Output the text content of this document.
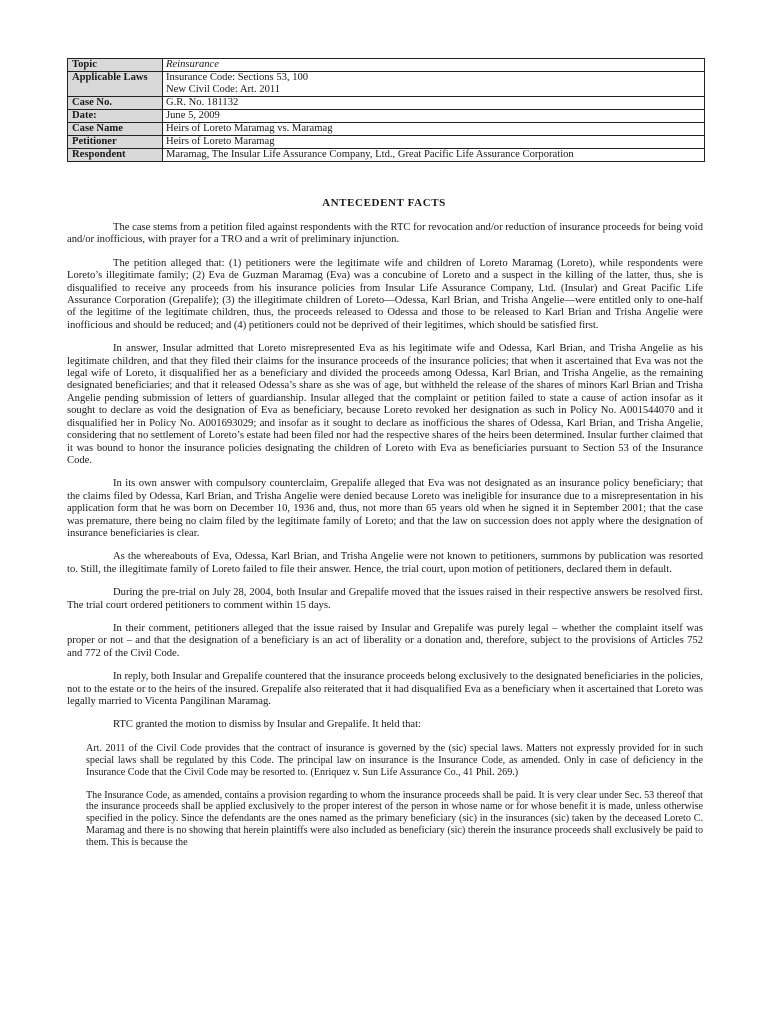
Topic	Reinsurance
Applicable Laws	Insurance Code: Sections 53, 100
New Civil Code: Art. 2011

Case No.	G.R. No. 181132
Date:	June 5, 2009
Case Name	Heirs of Loreto Maramag vs. Maramag
Petitioner	Heirs of Loreto Maramag
Respondent	Maramag, The Insular Life Assurance Company, Ltd., Great Pacific Life Assurance Corporation
ANTECEDENT FACTS

The case stems from a petition filed against respondents with the RTC for revocation and/or reduction of insurance proceeds for being void and/or inofficious, with prayer for a TRO and a writ of preliminary injunction.

The petition alleged that: (1) petitioners were the legitimate wife and children of Loreto Maramag (Loreto), while respondents were Loreto’s illegitimate family; (2) Eva de Guzman Maramag (Eva) was a concubine of Loreto and a suspect in the killing of the latter, thus, she is disqualified to receive any proceeds from his insurance policies from Insular Life Assurance Company, Ltd. (Insular) and Great Pacific Life Assurance Corporation (Grepalife); (3) the illegitimate children of Loreto—Odessa, Karl Brian, and Trisha Angelie—were entitled only to one-half of the legitime of the legitimate children, thus, the proceeds released to Odessa and those to be released to Karl Brian and Trisha Angelie were inofficious and should be reduced; and (4) petitioners could not be deprived of their legitimes, which should be satisfied first.

In answer, Insular admitted that Loreto misrepresented Eva as his legitimate wife and Odessa, Karl Brian, and Trisha Angelie as his legitimate children, and that they filed their claims for the insurance proceeds of the insurance policies; that when it ascertained that Eva was not the legal wife of Loreto, it disqualified her as a beneficiary and divided the proceeds among Odessa, Karl Brian, and Trisha Angelie, as the remaining designated beneficiaries; and that it released Odessa’s share as she was of age, but withheld the release of the shares of minors Karl Brian and Trisha Angelie pending submission of letters of guardianship. Insular alleged that the complaint or petition failed to state a cause of action insofar as it sought to declare as void the designation of Eva as beneficiary, because Loreto revoked her designation as such in Policy No. A001544070 and it disqualified her in Policy No. A001693029; and insofar as it sought to declare as inofficious the shares of Odessa, Karl Brian, and Trisha Angelie, considering that no settlement of Loreto’s estate had been filed nor had the respective shares of the heirs been determined. Insular further claimed that it was bound to honor the insurance policies designating the children of Loreto with Eva as beneficiaries pursuant to Section 53 of the Insurance Code.

In its own answer with compulsory counterclaim, Grepalife alleged that Eva was not designated as an insurance policy beneficiary; that the claims filed by Odessa, Karl Brian, and Trisha Angelie were denied because Loreto was ineligible for insurance due to a misrepresentation in his application form that he was born on December 10, 1936 and, thus, not more than 65 years old when he signed it in September 2001; that the case was premature, there being no claim filed by the legitimate family of Loreto; and that the law on succession does not apply where the designation of insurance beneficiaries is clear.

As the whereabouts of Eva, Odessa, Karl Brian, and Trisha Angelie were not known to petitioners, summons by publication was resorted to. Still, the illegitimate family of Loreto failed to file their answer. Hence, the trial court, upon motion of petitioners, declared them in default.

During the pre-trial on July 28, 2004, both Insular and Grepalife moved that the issues raised in their respective answers be resolved first. The trial court ordered petitioners to comment within 15 days.

In their comment, petitioners alleged that the issue raised by Insular and Grepalife was purely legal – whether the complaint itself was proper or not – and that the designation of a beneficiary is an act of liberality or a donation and, therefore, subject to the provisions of Articles 752 and 772 of the Civil Code.

In reply, both Insular and Grepalife countered that the insurance proceeds belong exclusively to the designated beneficiaries in the policies, not to the estate or to the heirs of the insured. Grepalife also reiterated that it had disqualified Eva as a beneficiary when it ascertained that Loreto was legally married to Vicenta Pangilinan Maramag.

RTC granted the motion to dismiss by Insular and Grepalife. It held that:

Art. 2011 of the Civil Code provides that the contract of insurance is governed by the (sic) special laws. Matters not expressly provided for in such special laws shall be regulated by this Code. The principal law on insurance is the Insurance Code, as amended. Only in case of deficiency in the Insurance Code that the Civil Code may be resorted to. (Enriquez v. Sun Life Assurance Co., 41 Phil. 269.)

The Insurance Code, as amended, contains a provision regarding to whom the insurance proceeds shall be paid. It is very clear under Sec. 53 thereof that the insurance proceeds shall be applied exclusively to the proper interest of the person in whose name or for whose benefit it is made, unless otherwise specified in the policy. Since the defendants are the ones named as the primary beneficiary (sic) in the insurances (sic) taken by the deceased Loreto C. Maramag and there is no showing that herein plaintiffs were also included as beneficiary (sic) therein the insurance proceeds shall exclusively be paid to them. This is because the
